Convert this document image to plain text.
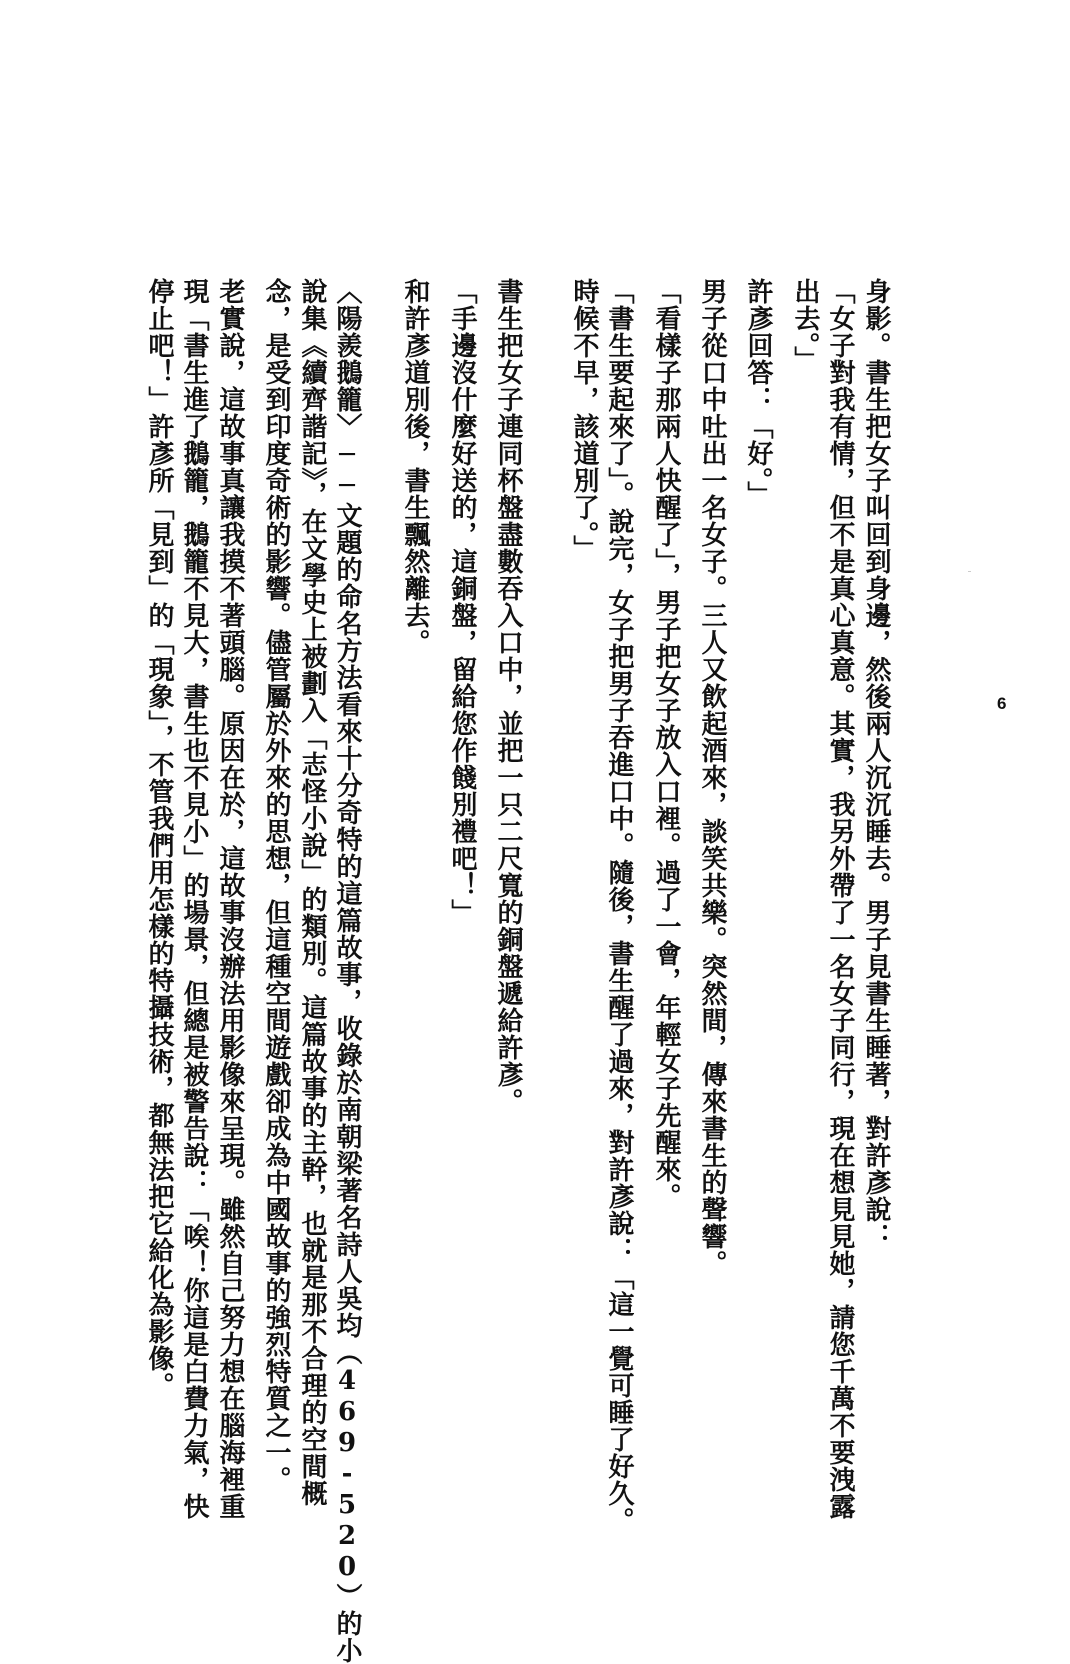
6
身影。書生把女子叫回到身邊，然後兩人沉沉睡去。男子見書生睡著，對許彥說：
「女子對我有情，但不是真心真意。其實，我另外帶了一名女子同行，現在想見見她，請您千萬不要洩露
出去。」
許彥回答：「好。」
男子從口中吐出一名女子。三人又飲起酒來，談笑共樂。突然間，傳來書生的聲響。
「看樣子那兩人快醒了」，男子把女子放入口裡。過了一會，年輕女子先醒來。
「書生要起來了」。說完，女子把男子吞進口中。隨後，書生醒了過來，對許彥說：「這一覺可睡了好久。
時候不早，該道別了。」
書生把女子連同杯盤盡數吞入口中，並把一只二尺寬的銅盤遞給許彥。
「手邊沒什麼好送的，這銅盤，留給您作餞別禮吧！」
和許彥道別後，書生飄然離去。
〈陽羨鵝籠〉──文題的命名方法看來十分奇特的這篇故事，收錄於南朝梁著名詩人吳均（469-520）的小
說集《續齊諧記》，在文學史上被劃入「志怪小說」的類別。這篇故事的主幹，也就是那不合理的空間概
念，是受到印度奇術的影響。儘管屬於外來的思想，但這種空間遊戲卻成為中國故事的強烈特質之一。
老實說，這故事真讓我摸不著頭腦。原因在於，這故事沒辦法用影像來呈現。雖然自己努力想在腦海裡重
現「書生進了鵝籠，鵝籠不見大，書生也不見小」的場景，但總是被警告說：「唉！你這是白費力氣，快
停止吧！」許彥所「見到」的「現象」，不管我們用怎樣的特攝技術，都無法把它給化為影像。
